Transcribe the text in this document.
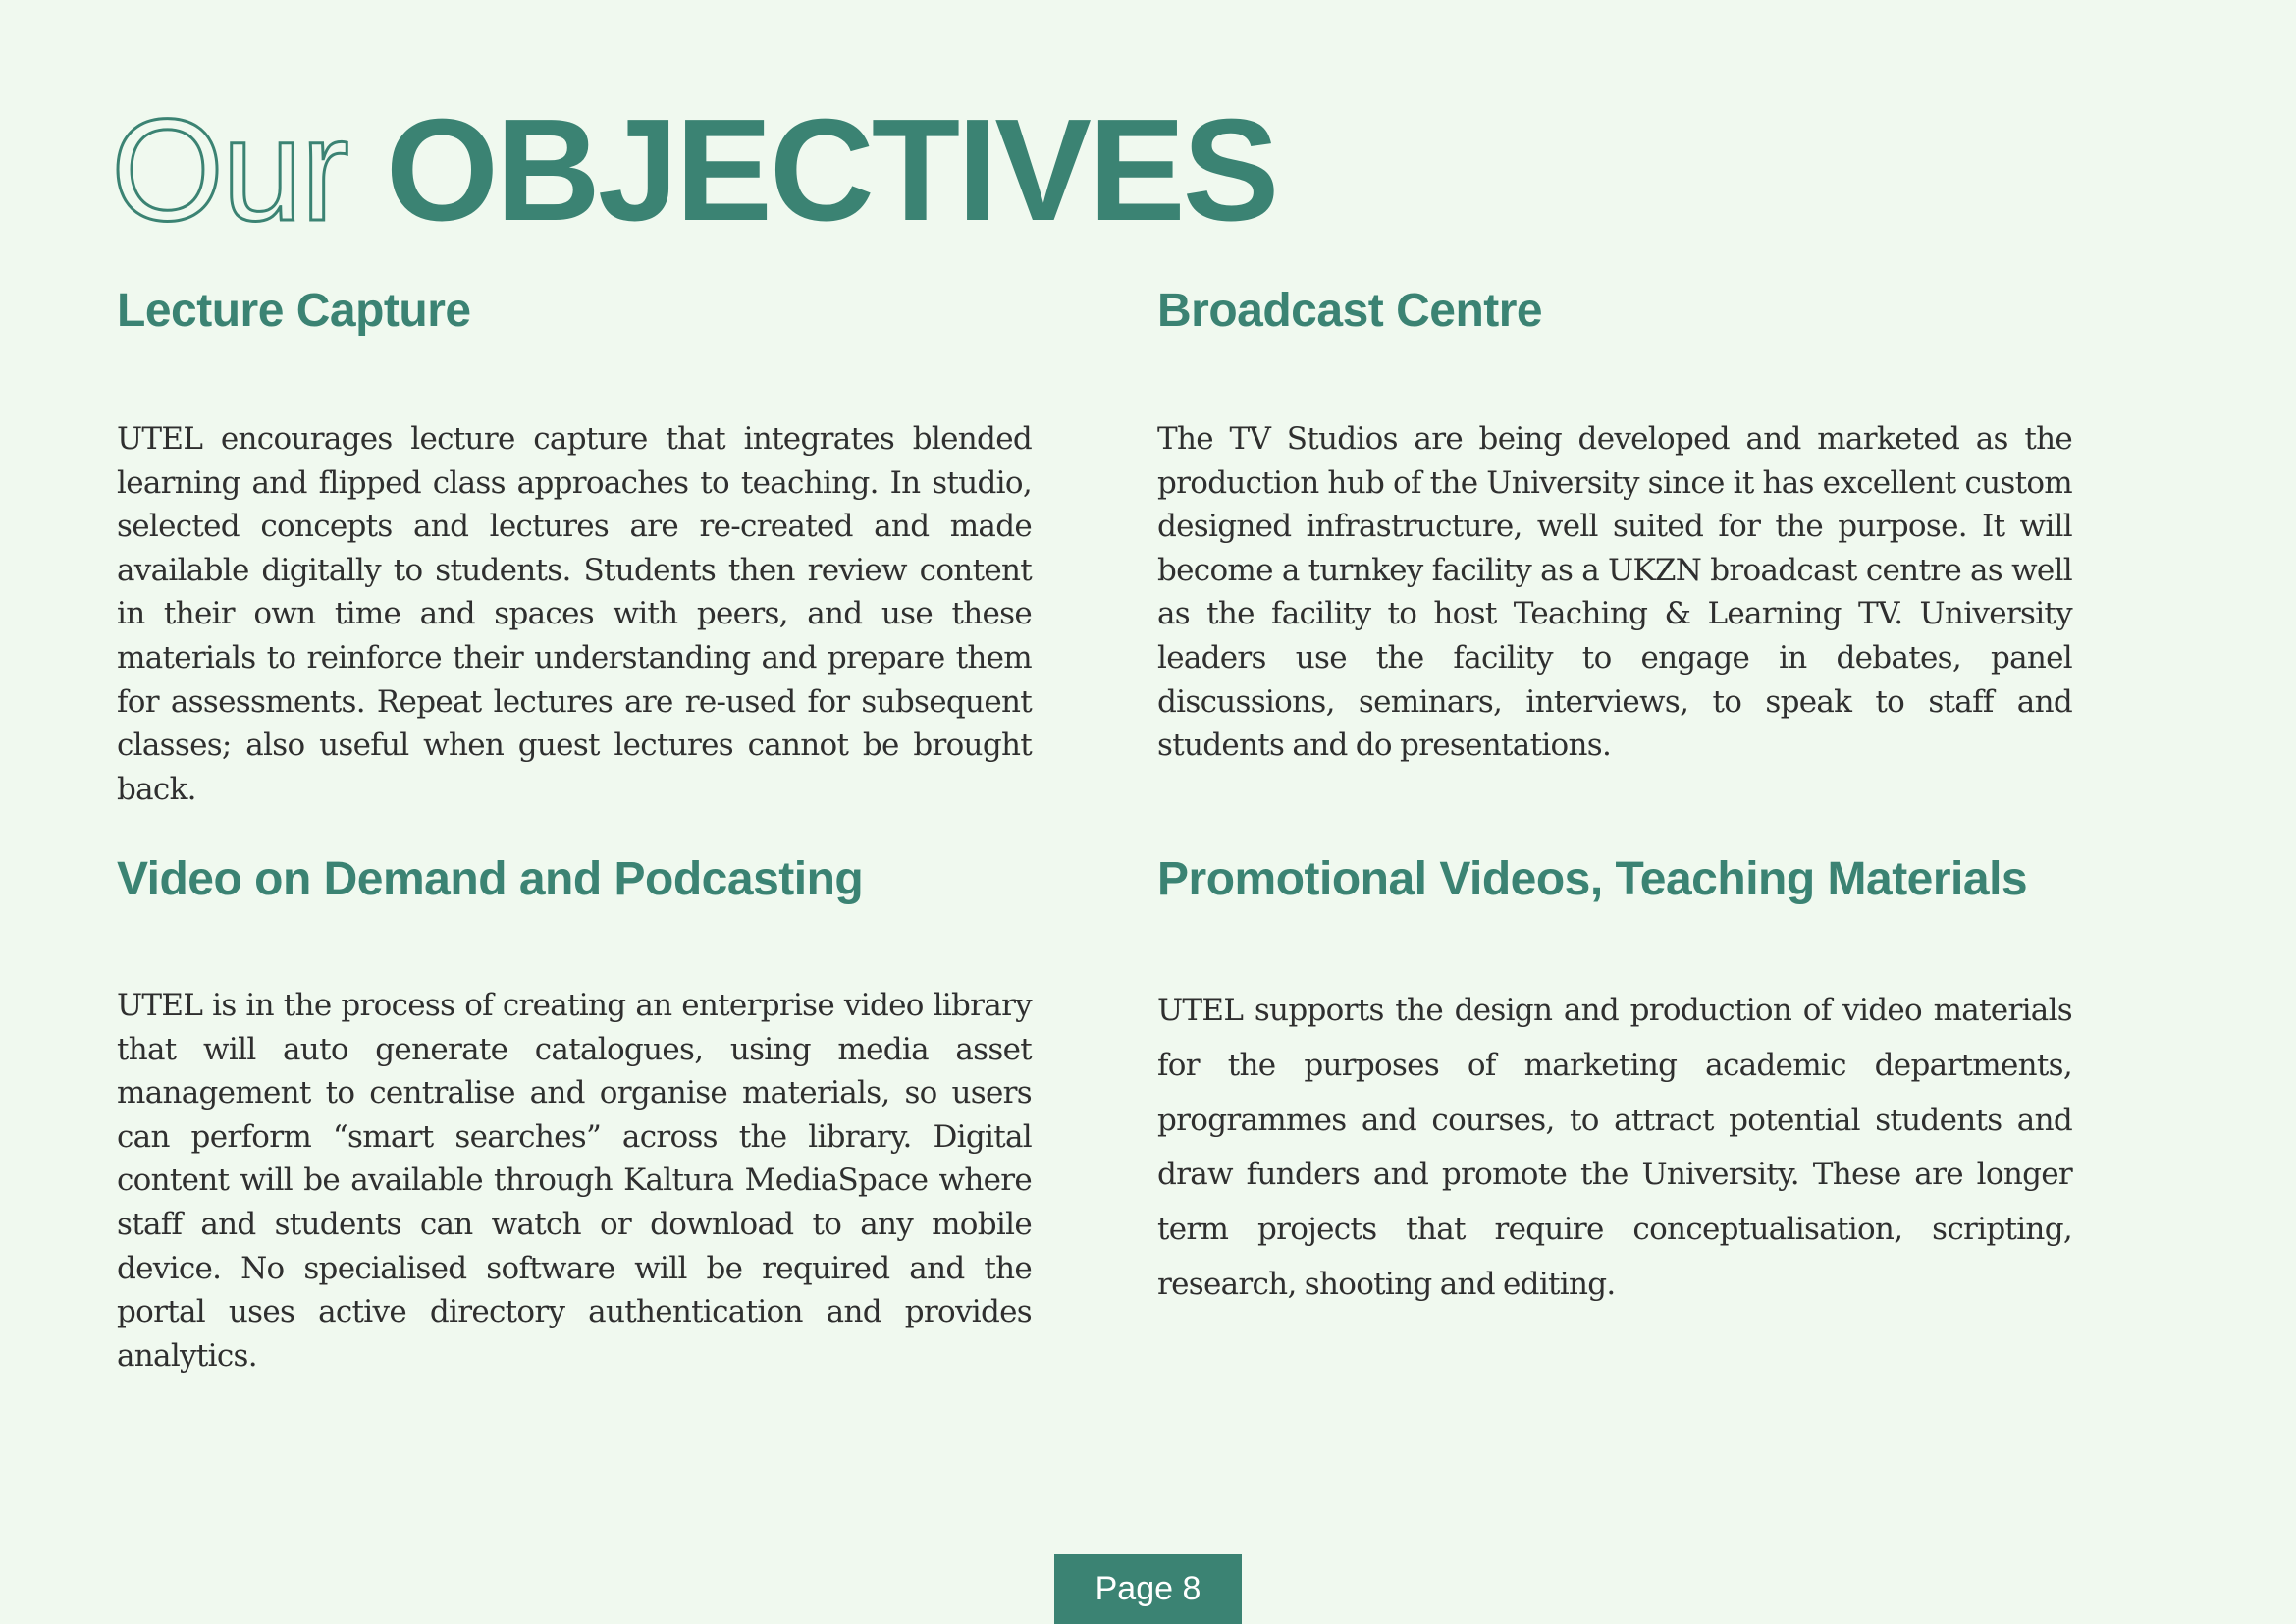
Our OBJECTIVES
Lecture Capture

UTEL encourages lecture capture that integrates blended learning and flipped class approaches to teaching. In studio, selected concepts and lectures are re-created and made available digitally to students. Students then review content in their own time and spaces with peers, and use these materials to reinforce their understanding and prepare them for assessments. Repeat lectures are re-used for subsequent classes; also useful when guest lectures cannot be brought back.

Broadcast Centre

The TV Studios are being developed and marketed as the production hub of the University since it has excellent custom designed infrastructure, well suited for the purpose. It will become a turnkey facility as a UKZN broadcast centre as well as the facility to host Teaching & Learning TV. University leaders use the facility to engage in debates, panel discussions, seminars, interviews, to speak to staff and students and do presentations.

Video on Demand and Podcasting

UTEL is in the process of creating an enterprise video library that will auto generate catalogues, using media asset management to centralise and organise materials, so users can perform “smart searches” across the library. Digital content will be available through Kaltura MediaSpace where staff and students can watch or download to any mobile device. No specialised software will be required and the portal uses active directory authentication and provides analytics.

Promotional Videos, Teaching Materials

UTEL supports the design and production of video materials for the purposes of marketing academic departments, programmes and courses, to attract potential students and draw funders and promote the University. These are longer term projects that require conceptualisation, scripting, research, shooting and editing.

Page 8
